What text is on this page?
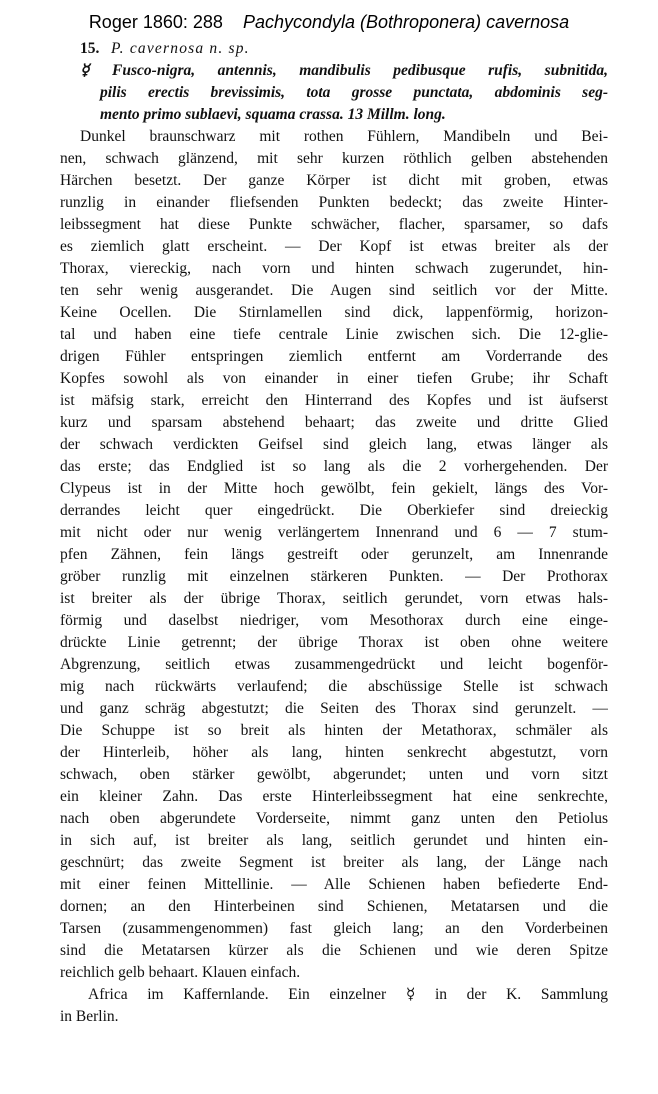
Roger 1860: 288 Pachycondyla (Bothroponera) cavernosa
15. P. cavernosa n. sp.
☿ Fusco-nigra, antennis, mandibulis pedibusque rufis, subnitida,
pilis erectis brevissimis, tota grosse punctata, abdominis seg-
mento primo sublaevi, squama crassa. 13 Millm. long.
Dunkel braunschwarz mit rothen Fühlern, Mandibeln und Bei-
nen, schwach glänzend, mit sehr kurzen röthlich gelben abstehenden
Härchen besetzt. Der ganze Körper ist dicht mit groben, etwas
runzlig in einander fliefsenden Punkten bedeckt; das zweite Hinter-
leibssegment hat diese Punkte schwächer, flacher, sparsamer, so dafs
es ziemlich glatt erscheint. — Der Kopf ist etwas breiter als der
Thorax, viereckig, nach vorn und hinten schwach zugerundet, hin-
ten sehr wenig ausgerandet. Die Augen sind seitlich vor der Mitte.
Keine Ocellen. Die Stirnlamellen sind dick, lappenförmig, horizon-
tal und haben eine tiefe centrale Linie zwischen sich. Die 12-glie-
drigen Fühler entspringen ziemlich entfernt am Vorderrande des
Kopfes sowohl als von einander in einer tiefen Grube; ihr Schaft
ist mäfsig stark, erreicht den Hinterrand des Kopfes und ist äufserst
kurz und sparsam abstehend behaart; das zweite und dritte Glied
der schwach verdickten Geifsel sind gleich lang, etwas länger als
das erste; das Endglied ist so lang als die 2 vorhergehenden. Der
Clypeus ist in der Mitte hoch gewölbt, fein gekielt, längs des Vor-
derrandes leicht quer eingedrückt. Die Oberkiefer sind dreieckig
mit nicht oder nur wenig verlängertem Innenrand und 6 — 7 stum-
pfen Zähnen, fein längs gestreift oder gerunzelt, am Innenrande
gröber runzlig mit einzelnen stärkeren Punkten. — Der Prothorax
ist breiter als der übrige Thorax, seitlich gerundet, vorn etwas hals-
förmig und daselbst niedriger, vom Mesothorax durch eine einge-
drückte Linie getrennt; der übrige Thorax ist oben ohne weitere
Abgrenzung, seitlich etwas zusammengedrückt und leicht bogenför-
mig nach rückwärts verlaufend; die abschüssige Stelle ist schwach
und ganz schräg abgestutzt; die Seiten des Thorax sind gerunzelt. —
Die Schuppe ist so breit als hinten der Metathorax, schmäler als
der Hinterleib, höher als lang, hinten senkrecht abgestutzt, vorn
schwach, oben stärker gewölbt, abgerundet; unten und vorn sitzt
ein kleiner Zahn. Das erste Hinterleibssegment hat eine senkrechte,
nach oben abgerundete Vorderseite, nimmt ganz unten den Petiolus
in sich auf, ist breiter als lang, seitlich gerundet und hinten ein-
geschnürt; das zweite Segment ist breiter als lang, der Länge nach
mit einer feinen Mittellinie. — Alle Schienen haben befiederte End-
dornen; an den Hinterbeinen sind Schienen, Metatarsen und die
Tarsen (zusammengenommen) fast gleich lang; an den Vorderbeinen
sind die Metatarsen kürzer als die Schienen und wie deren Spitze
reichlich gelb behaart. Klauen einfach.
Africa im Kaffernlande. Ein einzelner ☿ in der K. Sammlung
in Berlin.
